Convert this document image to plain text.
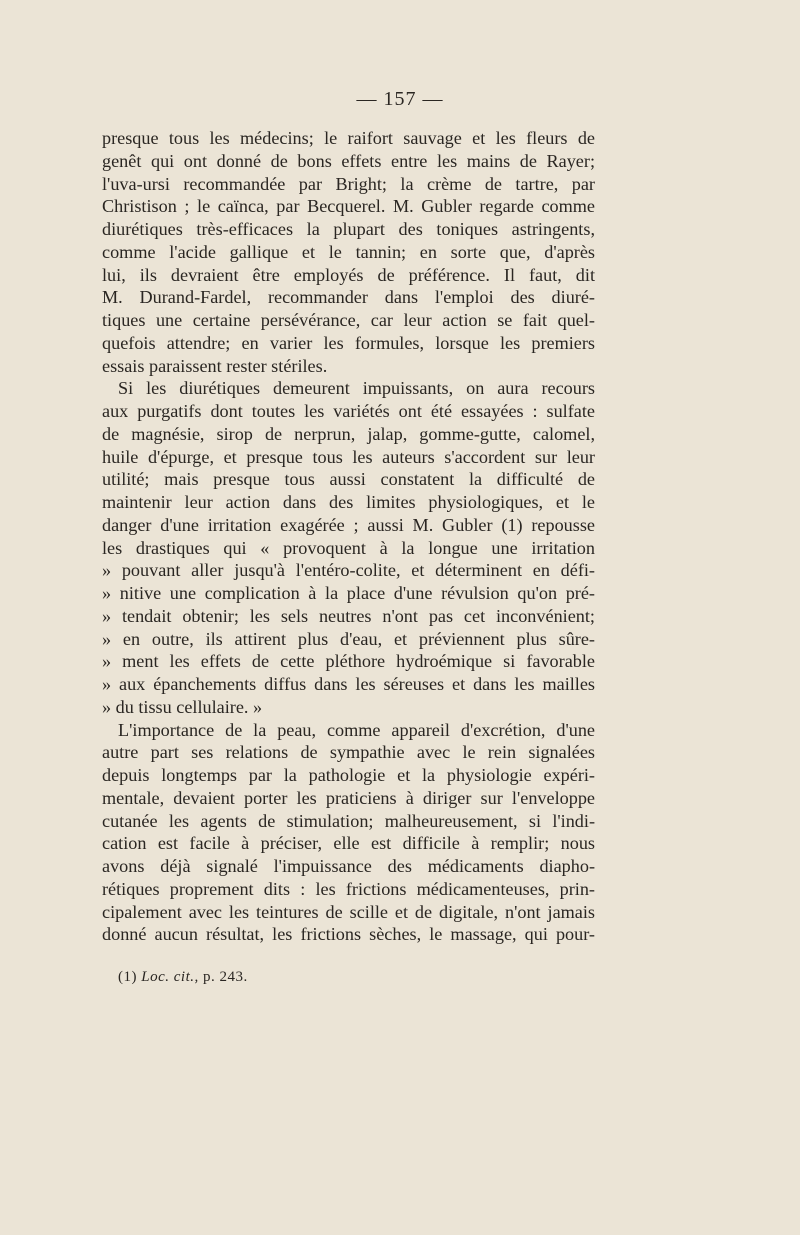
— 157 —
presque tous les médecins; le raifort sauvage et les fleurs de
genêt qui ont donné de bons effets entre les mains de Rayer;
l'uva-ursi recommandée par Bright; la crème de tartre, par
Christison ; le caïnca, par Becquerel. M. Gubler regarde comme
diurétiques très-efficaces la plupart des toniques astringents,
comme l'acide gallique et le tannin; en sorte que, d'après
lui, ils devraient être employés de préférence. Il faut, dit
M. Durand-Fardel, recommander dans l'emploi des diuré-
tiques une certaine persévérance, car leur action se fait quel-
quefois attendre; en varier les formules, lorsque les premiers
essais paraissent rester stériles.
Si les diurétiques demeurent impuissants, on aura recours
aux purgatifs dont toutes les variétés ont été essayées : sulfate
de magnésie, sirop de nerprun, jalap, gomme-gutte, calomel,
huile d'épurge, et presque tous les auteurs s'accordent sur leur
utilité; mais presque tous aussi constatent la difficulté de
maintenir leur action dans des limites physiologiques, et le
danger d'une irritation exagérée ; aussi M. Gubler (1) repousse
les drastiques qui « provoquent à la longue une irritation
» pouvant aller jusqu'à l'entéro-colite, et déterminent en défi-
» nitive une complication à la place d'une révulsion qu'on pré-
» tendait obtenir; les sels neutres n'ont pas cet inconvénient;
» en outre, ils attirent plus d'eau, et préviennent plus sûre-
» ment les effets de cette pléthore hydroémique si favorable
» aux épanchements diffus dans les séreuses et dans les mailles
» du tissu cellulaire. »
L'importance de la peau, comme appareil d'excrétion, d'une
autre part ses relations de sympathie avec le rein signalées
depuis longtemps par la pathologie et la physiologie expéri-
mentale, devaient porter les praticiens à diriger sur l'enveloppe
cutanée les agents de stimulation; malheureusement, si l'indi-
cation est facile à préciser, elle est difficile à remplir; nous
avons déjà signalé l'impuissance des médicaments diapho-
rétiques proprement dits : les frictions médicamenteuses, prin-
cipalement avec les teintures de scille et de digitale, n'ont jamais
donné aucun résultat, les frictions sèches, le massage, qui pour-
(1) Loc. cit., p. 243.
